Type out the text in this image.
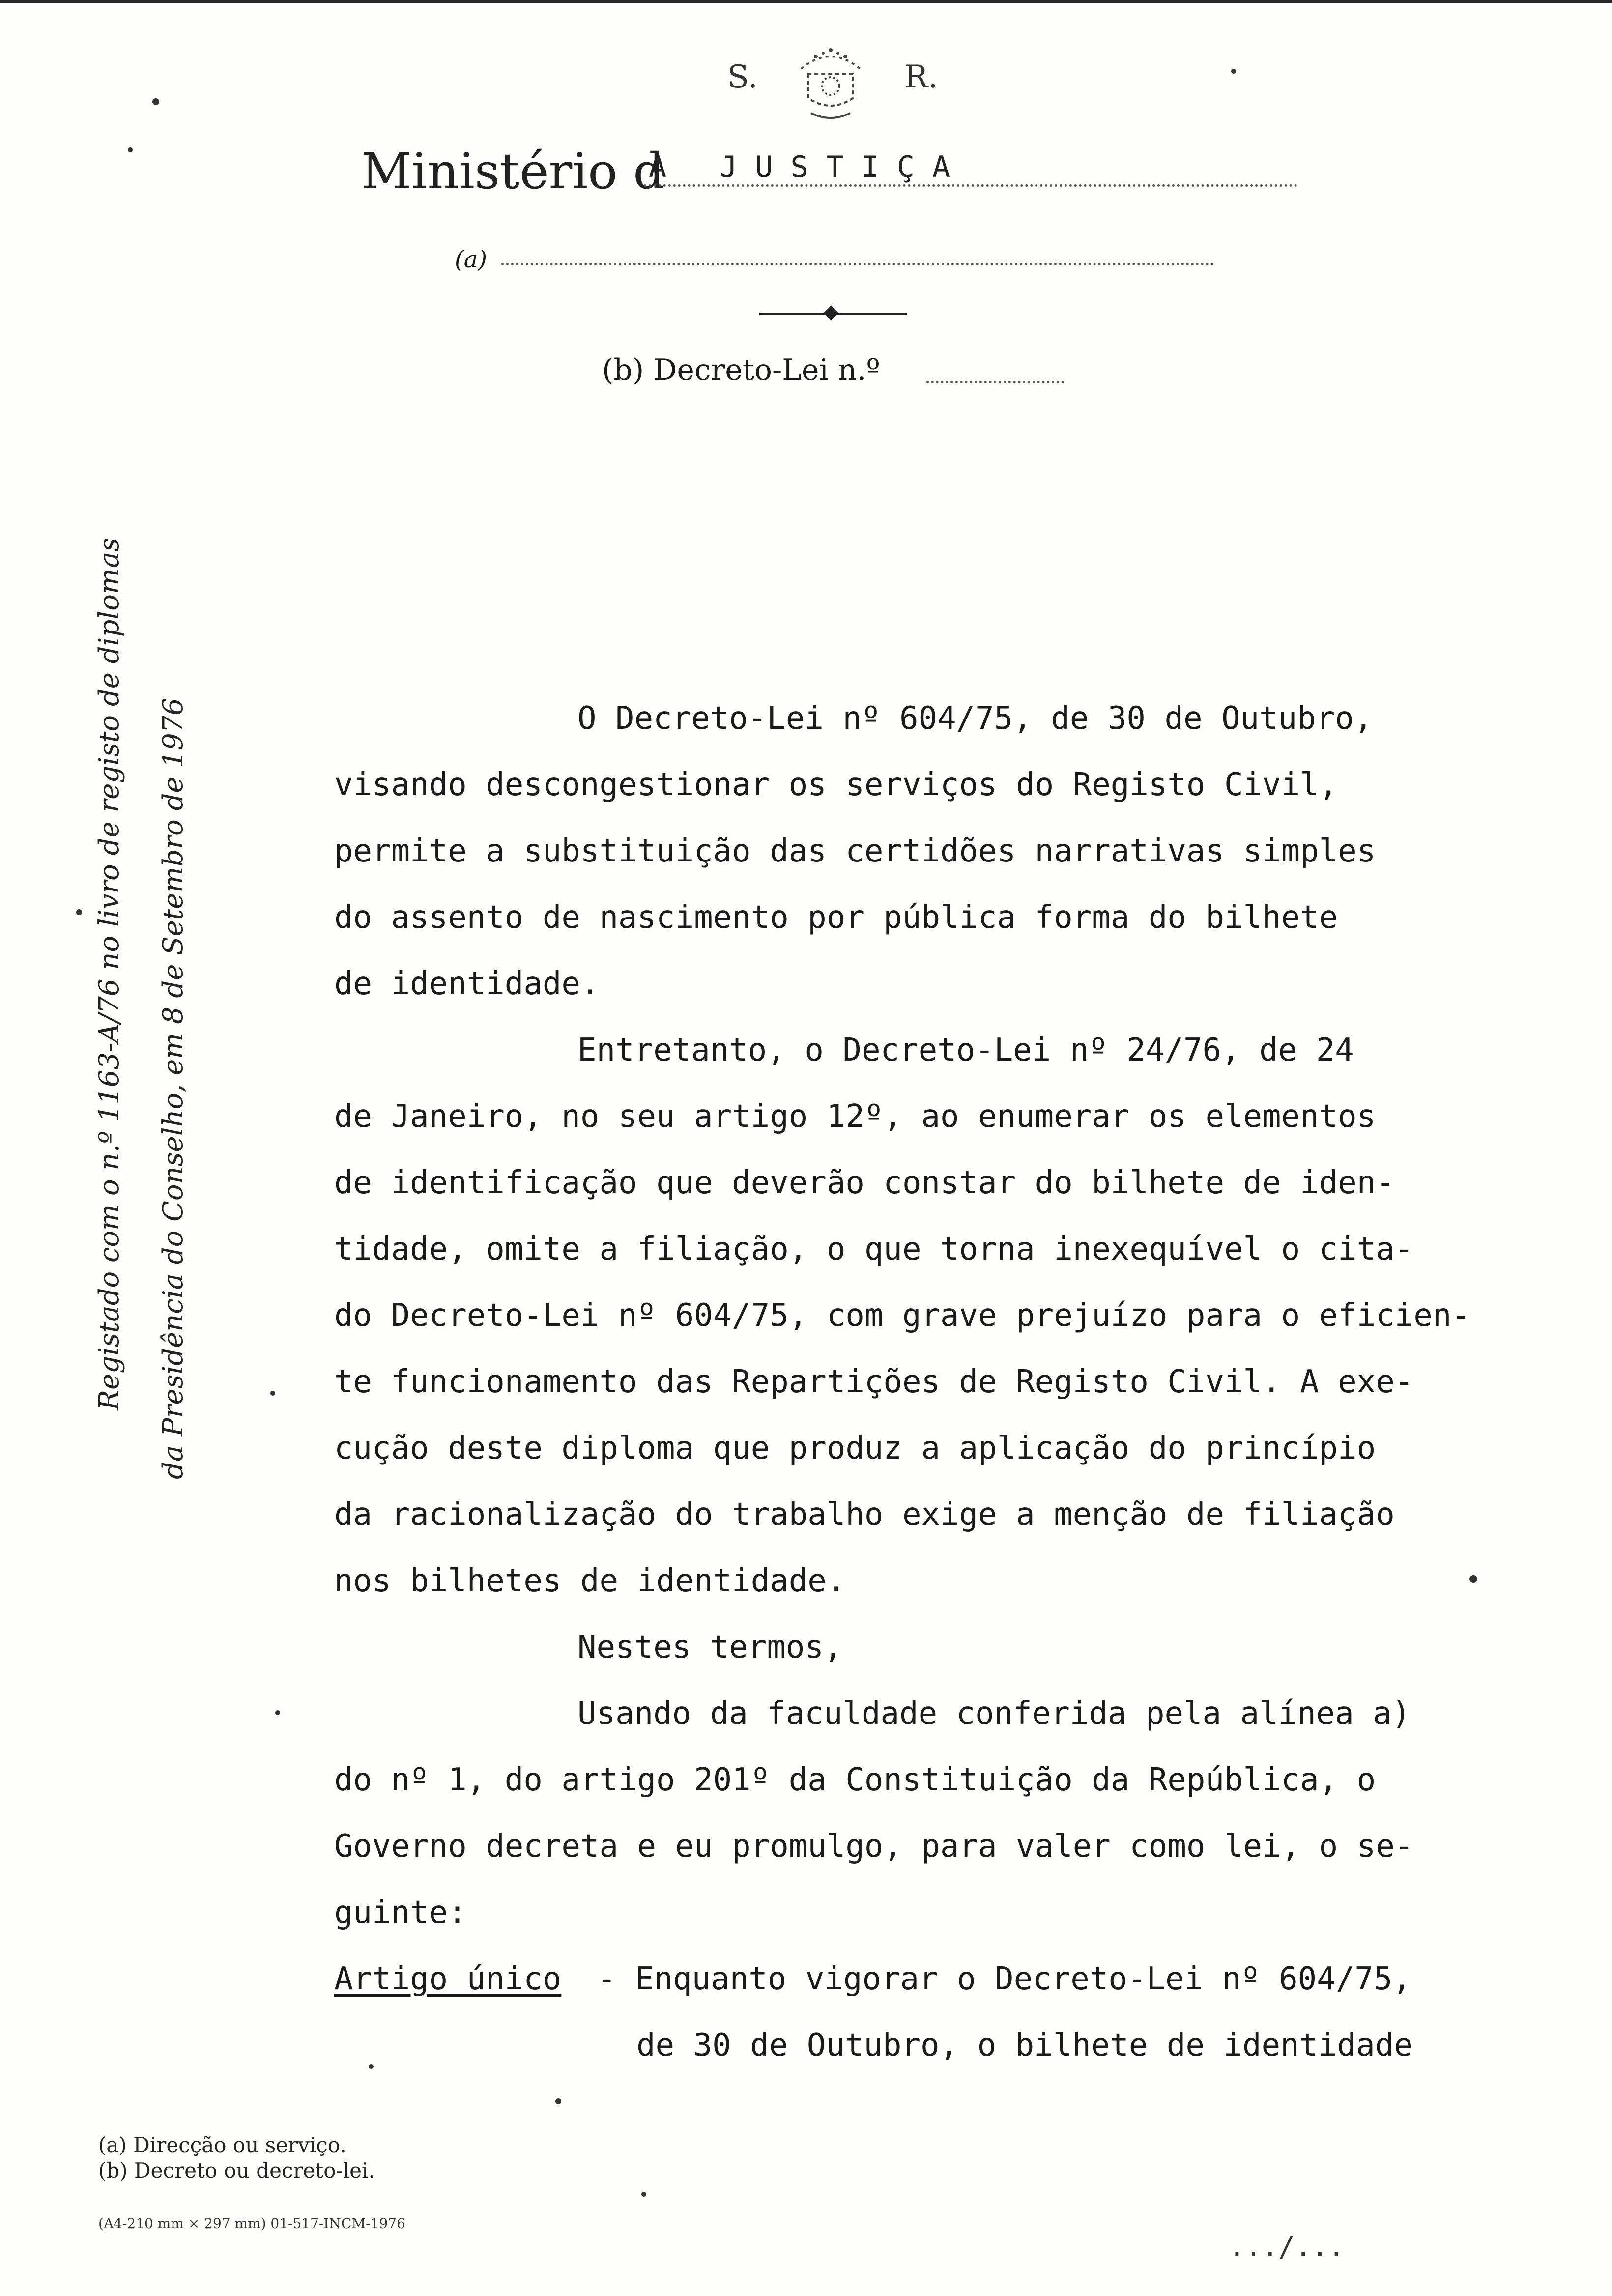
S.	R.
Ministério d
A JUSTIÇA
(a)
(b) Decreto-Lei n.º
Registado com o n.º 1163-A/76 no livro de registo de diplomas da Presidência do Conselho, em 8 de Setembro de 1976	O Decreto-Lei nº 604/75, de 30 de Outubro,
visando descongestionar os serviços do Registo Civil,
permite a substituição das certidões narrativas simples
do assento de nascimento por pública forma do bilhete
de identidade.
Entretanto, o Decreto-Lei nº 24/76, de 24
de Janeiro, no seu artigo 12º, ao enumerar os elementos
de identificação que deverão constar do bilhete de iden-
tidade, omite a filiação, o que torna inexequível o cita-
do Decreto-Lei nº 604/75, com grave prejuízo para o eficien-
te funcionamento das Repartições de Registo Civil. A exe-
cução deste diploma que produz a aplicação do princípio
da racionalização do trabalho exige a menção de filiação
nos bilhetes de identidade.
Nestes termos,
Usando da faculdade conferida pela alínea a)
do nº 1, do artigo 201º da Constituição da República, o
Governo decreta e eu promulgo, para valer como lei, o se-
guinte:
Artigo único - Enquanto vigorar o Decreto-Lei nº 604/75,
de 30 de Outubro, o bilhete de identidade
(a) Direcção ou serviço.
(b) Decreto ou decreto-lei.
(A4-210 mm × 297 mm) 01-517-INCM-1976
.../...
